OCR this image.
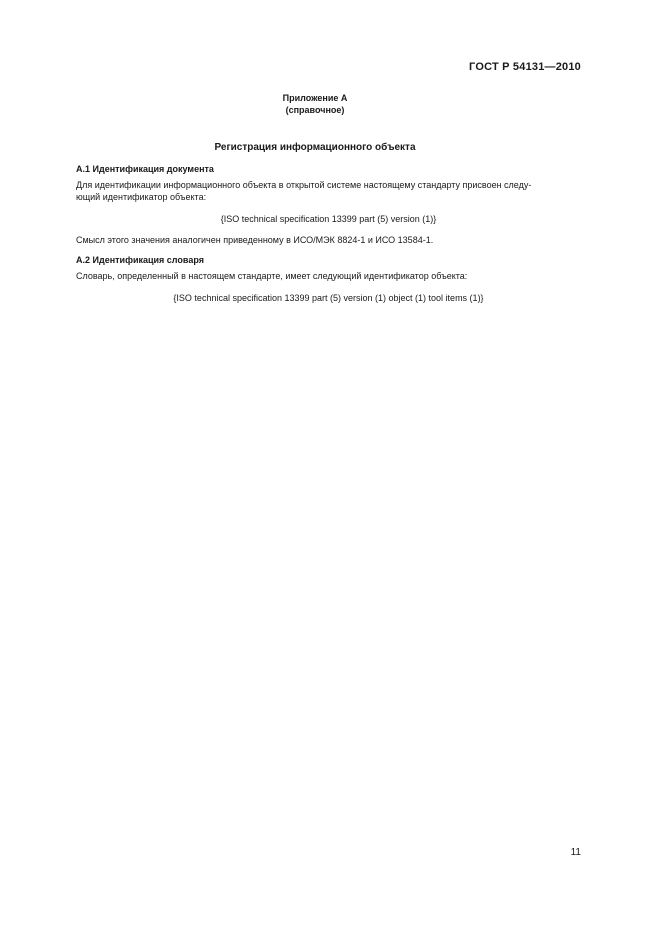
ГОСТ Р 54131—2010
Приложение А
(справочное)
Регистрация информационного объекта
А.1 Идентификация документа

Для идентификации информационного объекта в открытой системе настоящему стандарту присвоен следу-
ющий идентификатор объекта:

{ISO technical specification 13399 part (5) version (1)}

Смысл этого значения аналогичен приведенному в ИСО/МЭК 8824-1 и ИСО 13584-1.

А.2 Идентификация словаря

Словарь, определенный в настоящем стандарте, имеет следующий идентификатор объекта:

{ISO technical specification 13399 part (5) version (1) object (1) tool items (1)}
11
